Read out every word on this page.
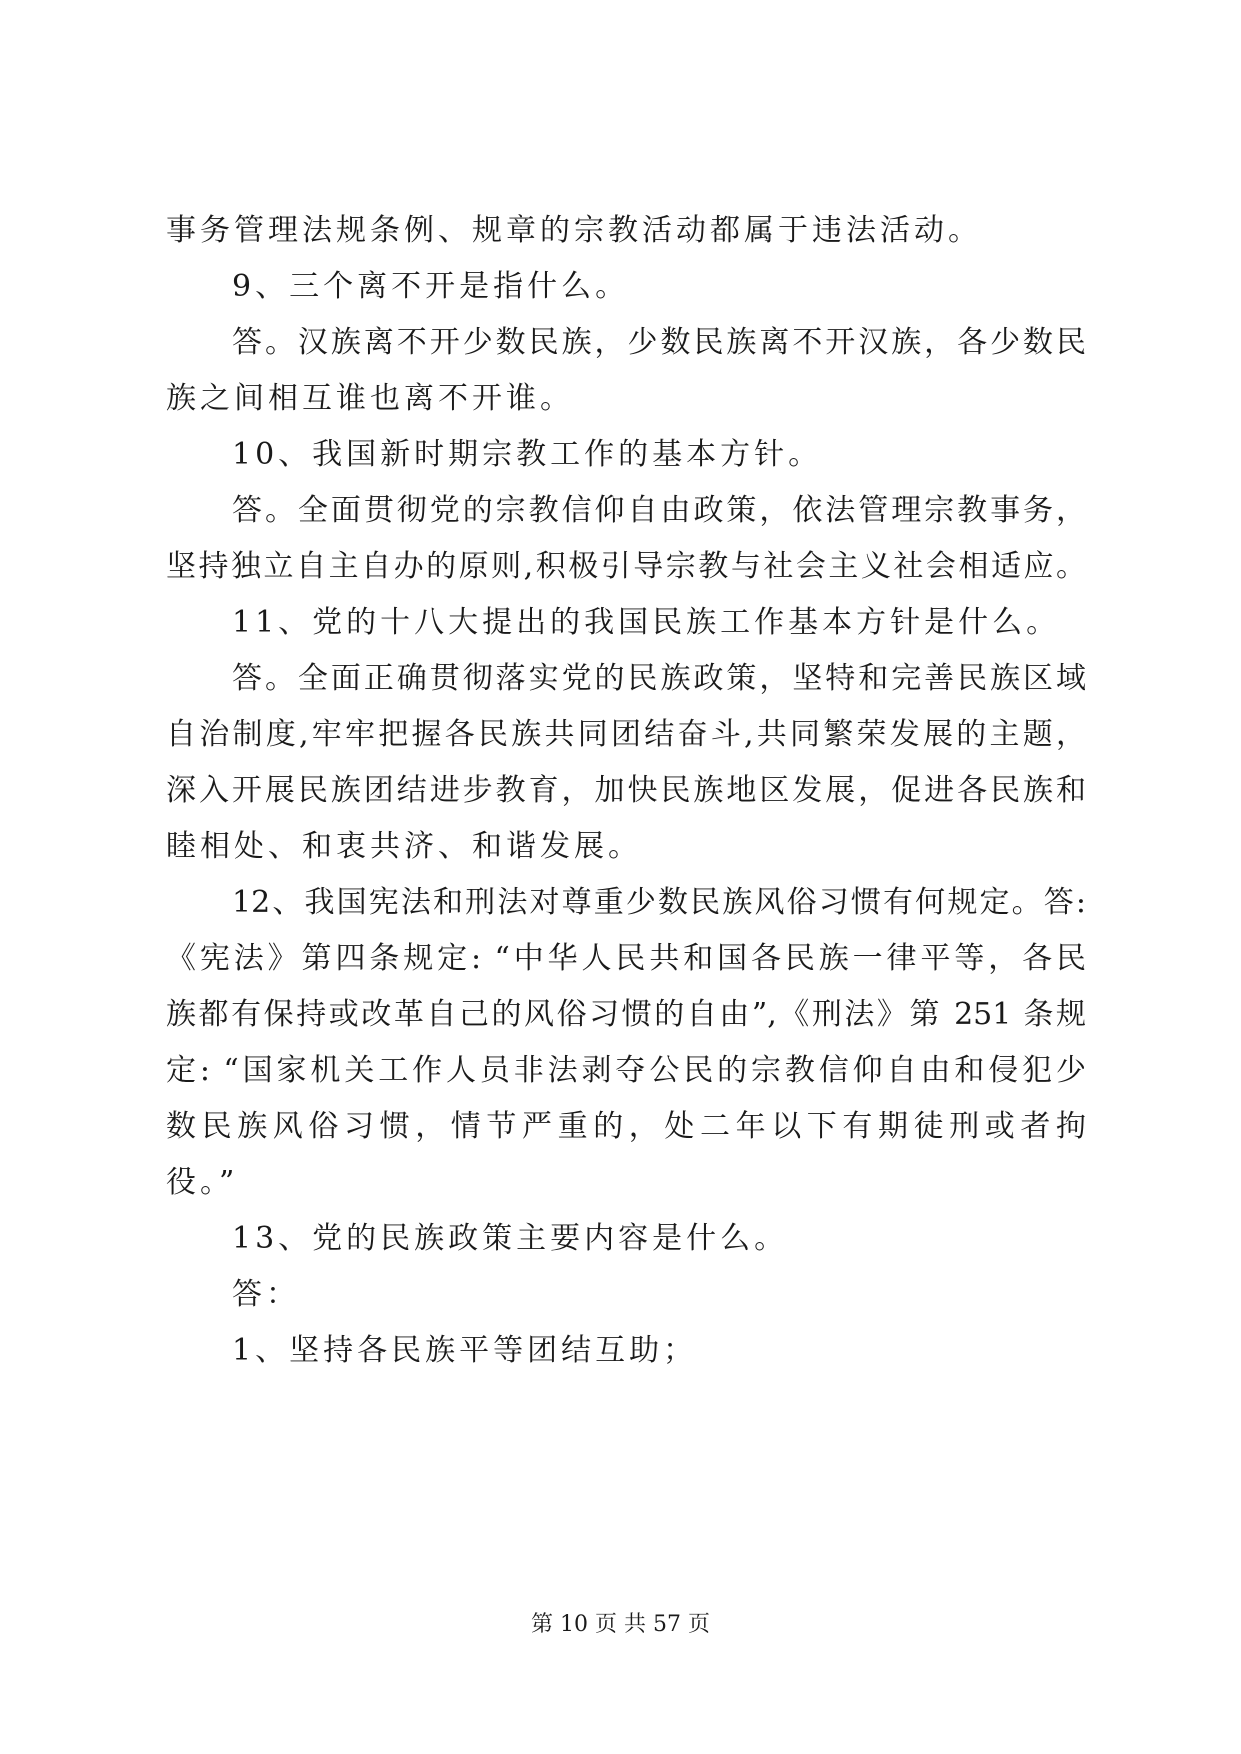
事务管理法规条例、规章的宗教活动都属于违法活动。
9、三个离不开是指什么。
答。汉族离不开少数民族，少数民族离不开汉族，各少数民
族之间相互谁也离不开谁。
10、我国新时期宗教工作的基本方针。
答。全面贯彻党的宗教信仰自由政策，依法管理宗教事务，
坚持独立自主自办的原则,积极引导宗教与社会主义社会相适应。
11、党的十八大提出的我国民族工作基本方针是什么。
答。全面正确贯彻落实党的民族政策，坚特和完善民族区域
自治制度,牢牢把握各民族共同团结奋斗,共同繁荣发展的主题，
深入开展民族团结进步教育，加快民族地区发展，促进各民族和
睦相处、和衷共济、和谐发展。
12、我国宪法和刑法对尊重少数民族风俗习惯有何规定。答:
《宪法》第四条规定: “中华人民共和国各民族一律平等，各民
族都有保持或改革自己的风俗习惯的自由”,《刑法》第 251 条规
定: “国家机关工作人员非法剥夺公民的宗教信仰自由和侵犯少
数民族风俗习惯，情节严重的，处二年以下有期徒刑或者拘
役。”
13、党的民族政策主要内容是什么。
答：
1、坚持各民族平等团结互助；
第 10 页 共 57 页
